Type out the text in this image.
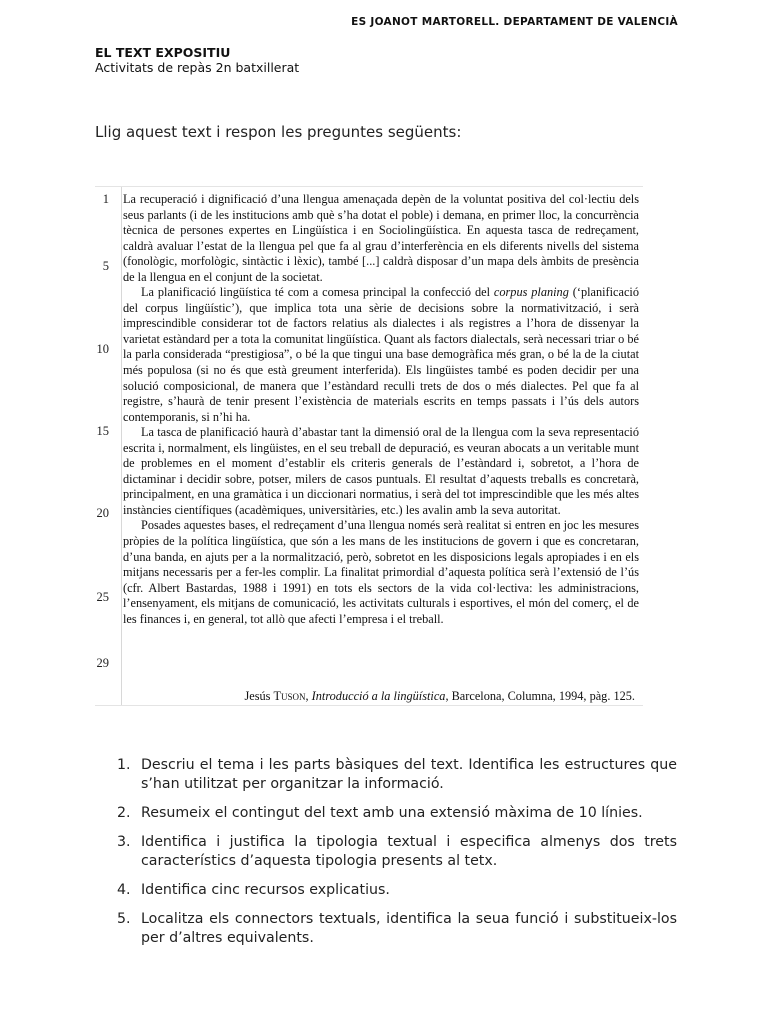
ES JOANOT MARTORELL. DEPARTAMENT DE VALENCIÀ
EL TEXT EXPOSITIU
Activitats de repàs 2n batxillerat
Llig aquest text i respon les preguntes següents:
1
5
10
15
20
25
29

La recuperació i dignificació d’una llengua amenaçada depèn de la voluntat positiva del col·lectiu dels seus parlants (i de les institucions amb què s’ha dotat el poble) i demana, en primer lloc, la concurrència tècnica de persones expertes en Lingüística i en Sociolingüística. En aquesta tasca de redreçament, caldrà avaluar l’estat de la llengua pel que fa al grau d’interferència en els diferents nivells del sistema (fonològic, morfològic, sintàctic i lèxic), també [...] caldrà disposar d’un mapa dels àmbits de presència de la llengua en el conjunt de la societat.

La planificació lingüística té com a comesa principal la confecció del corpus planing (‘planificació del corpus lingüístic’), que implica tota una sèrie de decisions sobre la normativització, i serà imprescindible considerar tot de factors relatius als dialectes i als registres a l’hora de dissenyar la varietat estàndard per a tota la comunitat lingüística. Quant als factors dialectals, serà necessari triar o bé la parla considerada “prestigiosa”, o bé la que tingui una base demogràfica més gran, o bé la de la ciutat més populosa (si no és que està greument interferida). Els lingüistes també es poden decidir per una solució composicional, de manera que l’estàndard reculli trets de dos o més dialectes. Pel que fa al registre, s’haurà de tenir present l’existència de materials escrits en temps passats i l’ús dels autors contemporanis, si n’hi ha.

La tasca de planificació haurà d’abastar tant la dimensió oral de la llengua com la seva representació escrita i, normalment, els lingüistes, en el seu treball de depuració, es veuran abocats a un veritable munt de problemes en el moment d’establir els criteris generals de l’estàndard i, sobretot, a l’hora de dictaminar i decidir sobre, potser, milers de casos puntuals. El resultat d’aquests treballs es concretarà, principalment, en una gramàtica i un diccionari normatius, i serà del tot imprescindible que les més altes instàncies científiques (acadèmiques, universitàries, etc.) les avalin amb la seva autoritat.

Posades aquestes bases, el redreçament d’una llengua només serà realitat si entren en joc les mesures pròpies de la política lingüística, que són a les mans de les institucions de govern i que es concretaran, d’una banda, en ajuts per a la normalització, però, sobretot en les disposicions legals apropiades i en els mitjans necessaris per a fer-les complir. La finalitat primordial d’aquesta política serà l’extensió de l’ús (cfr. Albert Bastardas, 1988 i 1991) en tots els sectors de la vida col·lectiva: les administracions, l’ensenyament, els mitjans de comunicació, les activitats culturals i esportives, el món del comerç, el de les finances i, en general, tot allò que afecti l’empresa i el treball.

Jesús Tuson, Introducció a la lingüística, Barcelona, Columna, 1994, pàg. 125.
1. Descriu el tema i les parts bàsiques del text. Identifica les estructures que s’han utilitzat per organitzar la informació.
2. Resumeix el contingut del text amb una extensió màxima de 10 línies.
3. Identifica i justifica la tipologia textual i especifica almenys dos trets característics d’aquesta tipologia presents al tetx.
4. Identifica cinc recursos explicatius.
5. Localitza els connectors textuals, identifica la seua funció i substitueix-los per d’altres equivalents.
